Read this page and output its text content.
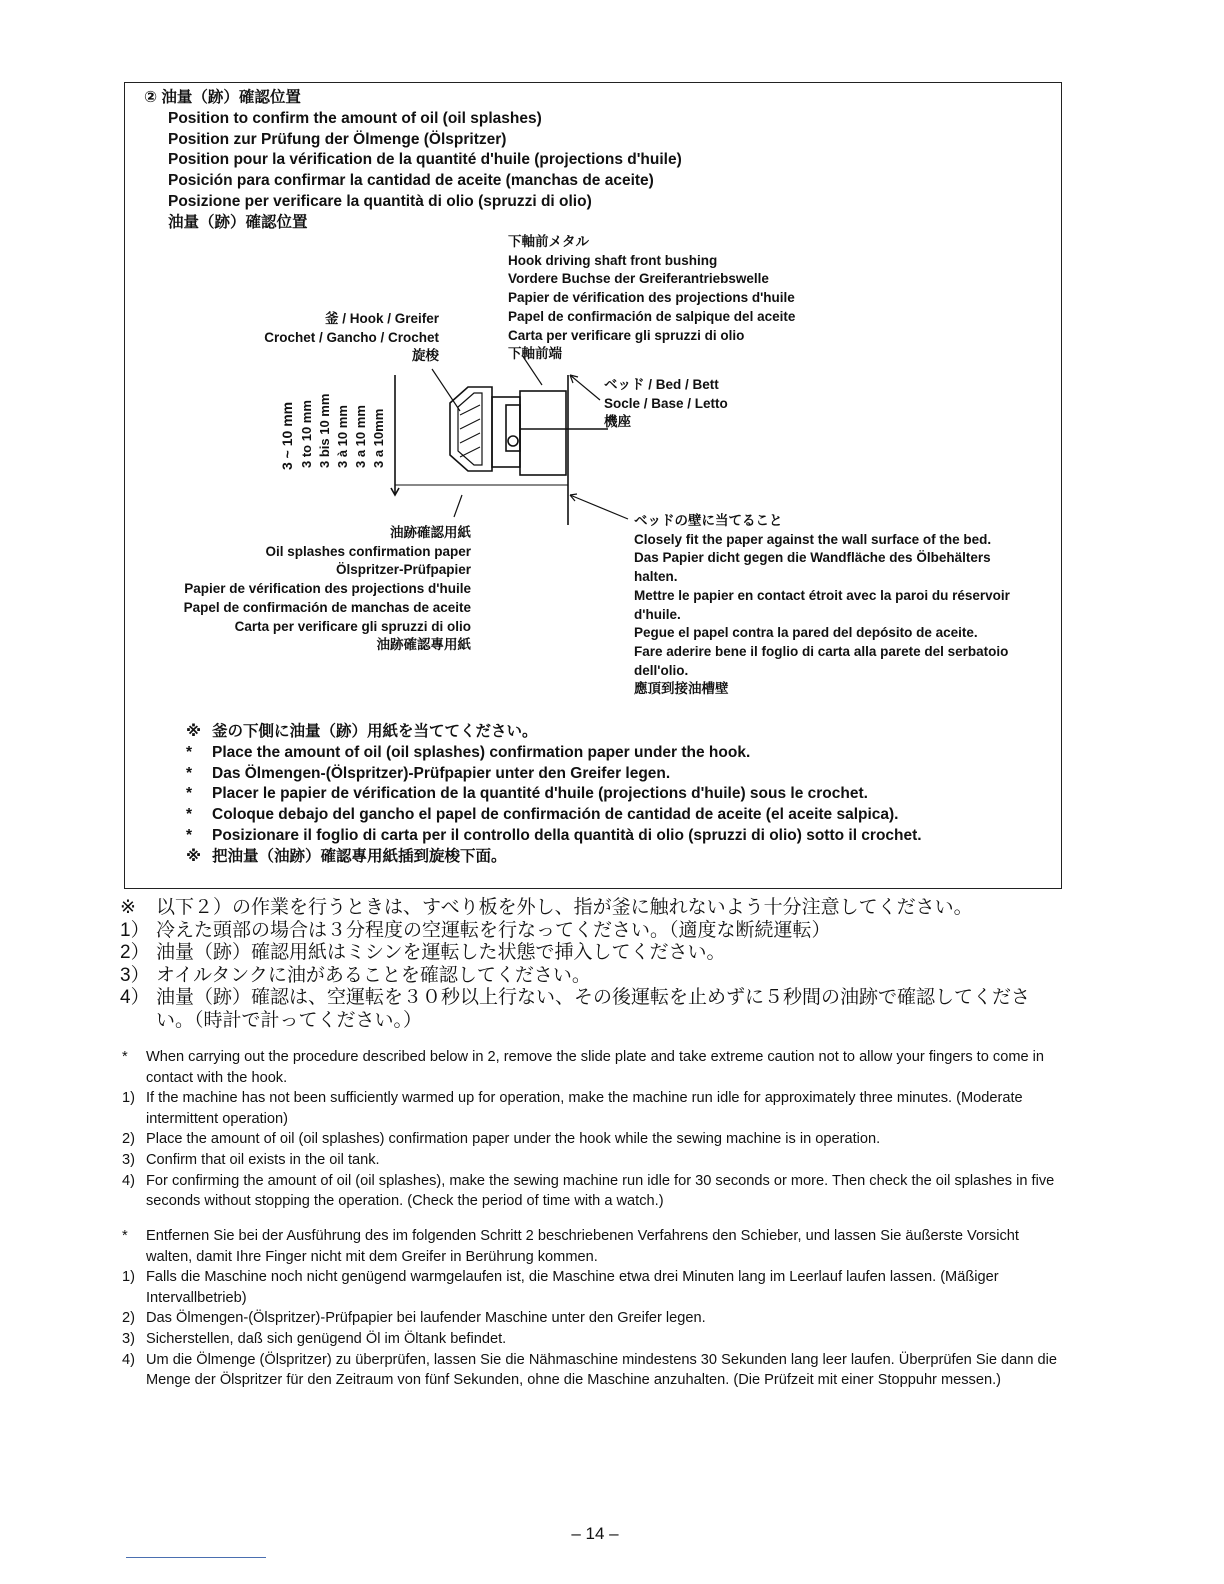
② 油量（跡）確認位置
Position to confirm the amount of oil (oil splashes)
Position zur Prüfung der Ölmenge (Ölspritzer)
Position pour la vérification de la quantité d'huile (projections d'huile)
Posición para confirmar la cantidad de aceite (manchas de aceite)
Posizione per verificare la quantità di olio (spruzzi di olio)
油量（跡）確認位置
下軸前メタル
Hook driving shaft front bushing
Vordere Buchse der Greiferantriebswelle
Papier de vérification des projections d'huile
Papel de confirmación de salpique del aceite
Carta per verificare gli spruzzi di olio
下軸前端
釜 / Hook / Greifer
Crochet / Gancho / Crochet
旋梭
ベッド / Bed / Bett
Socle / Base / Letto
機座
3 ~ 10 mm 3 to 10 mm 3 bis 10 mm 3 à 10 mm 3 a 10 mm 3 a 10mm
油跡確認用紙
Oil splashes confirmation paper
Ölspritzer-Prüfpapier
Papier de vérification des projections d'huile
Papel de confirmación de manchas de aceite
Carta per verificare gli spruzzi di olio
油跡確認專用紙
ベッドの壁に当てること
Closely fit the paper against the wall surface of the bed.
Das Papier dicht gegen die Wandfläche des Ölbehälters
halten.
Mettre le papier en contact étroit avec la paroi du réservoir
d'huile.
Pegue el papel contra la pared del depósito de aceite.
Fare aderire bene il foglio di carta alla parete del serbatoio
dell'olio.
應頂到接油槽壁
※ 釜の下側に油量（跡）用紙を当ててください。
* Place the amount of oil (oil splashes) confirmation paper under the hook.
* Das Ölmengen-(Ölspritzer)-Prüfpapier unter den Greifer legen.
* Placer le papier de vérification de la quantité d'huile (projections d'huile) sous le crochet.
* Coloque debajo del gancho el papel de confirmación de cantidad de aceite (el aceite salpica).
* Posizionare il foglio di carta per il controllo della quantità di olio (spruzzi di olio) sotto il crochet.
※ 把油量（油跡）確認專用紙插到旋梭下面。
※	以下２）の作業を行うときは、すべり板を外し、指が釜に触れないよう十分注意してください。
1） 冷えた頭部の場合は３分程度の空運転を行なってください。（適度な断続運転）
2） 油量（跡）確認用紙はミシンを運転した状態で挿入してください。
3） オイルタンクに油があることを確認してください。
4） 油量（跡）確認は、空運転を３０秒以上行ない、その後運転を止めずに５秒間の油跡で確認してくださ
い。（時計で計ってください。）
*	When carrying out the procedure described below in 2, remove the slide plate and take extreme caution not to allow your fingers to come in contact with the hook.
1) If the machine has not been sufficiently warmed up for operation, make the machine run idle for approximately three minutes. (Moderate intermittent operation)
2) Place the amount of oil (oil splashes) confirmation paper under the hook while the sewing machine is in operation.
3) Confirm that oil exists in the oil tank.
4) For confirming the amount of oil (oil splashes), make the sewing machine run idle for 30 seconds or more. Then check the oil splashes in five seconds without stopping the operation. (Check the period of time with a watch.)
*	Entfernen Sie bei der Ausführung des im folgenden Schritt 2 beschriebenen Verfahrens den Schieber, und lassen Sie äußerste Vorsicht walten, damit Ihre Finger nicht mit dem Greifer in Berührung kommen.
1) Falls die Maschine noch nicht genügend warmgelaufen ist, die Maschine etwa drei Minuten lang im Leerlauf laufen lassen. (Mäßiger Intervallbetrieb)
2) Das Ölmengen-(Ölspritzer)-Prüfpapier bei laufender Maschine unter den Greifer legen.
3) Sicherstellen, daß sich genügend Öl im Öltank befindet.
4) Um die Ölmenge (Ölspritzer) zu überprüfen, lassen Sie die Nähmaschine mindestens 30 Sekunden lang leer laufen. Überprüfen Sie dann die Menge der Ölspritzer für den Zeitraum von fünf Sekunden, ohne die Maschine anzuhalten. (Die Prüfzeit mit einer Stoppuhr messen.)
– 14 –
